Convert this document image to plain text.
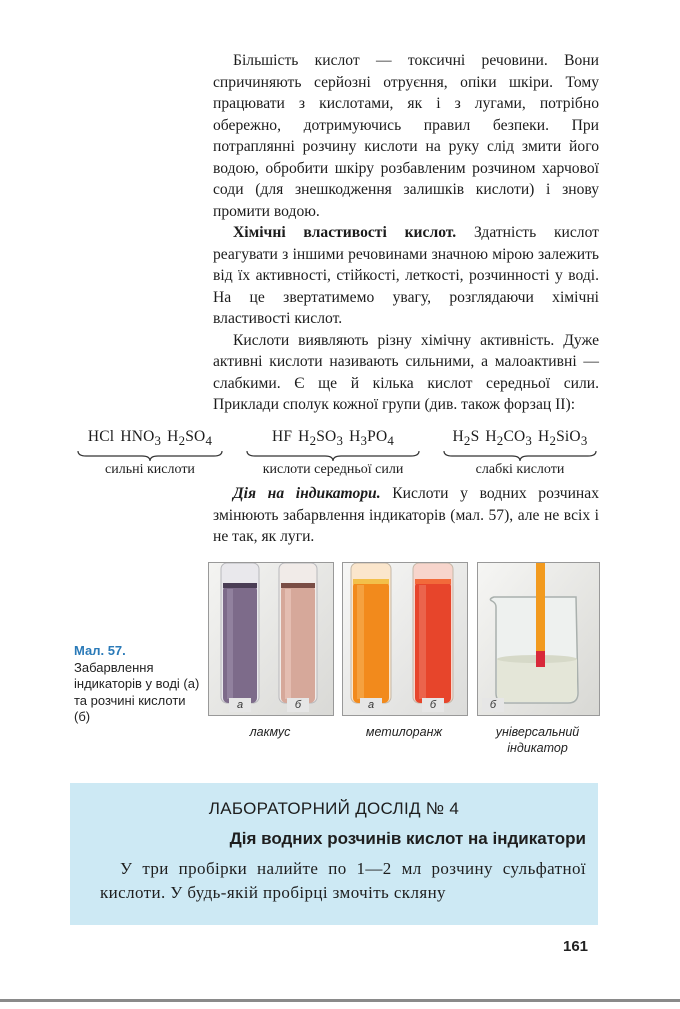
Більшість кислот — токсичні речовини. Вони спричиняють серйозні отруєння, опіки шкіри. Тому працювати з кислотами, як і з лугами, потрібно обережно, дотримуючись правил безпеки. При потраплянні розчину кислоти на руку слід змити його водою, обробити шкіру розбавленим розчином харчової соди (для знешкодження залишків кислоти) і знову промити водою.

Хімічні властивості кислот. Здатність кислот реагувати з іншими речовинами значною мірою залежить від їх активності, стійкості, леткості, розчинності у воді. На це звертатимемо увагу, розглядаючи хімічні властивості кислот.

Кислоти виявляють різну хімічну активність. Дуже активні кислоти називають сильними, а малоактивні — слабкими. Є ще й кілька кислот середньої сили. Приклади сполук кожної групи (див. також форзац II):

HCl $HNO_3$ $H_2SO_4$
сильні кислоти
HF $H_2SO_3$ $H_3PO_4$
кислоти середньої сили
$H_2S$ $H_2CO_3$ $H_2SiO_3$
слабкі кислоти

Дія на індикатори. Кислоти у водних розчинах змінюють забарвлення індикаторів (мал. 57), але не всіх і не так, як луги.

Мал. 57.
Забарвлення індикаторів у воді (а) та розчині кислоти (б)
а	б	а	б	б
лакмус	метилоранж	універсальний
індикатор
ЛАБОРАТОРНИЙ ДОСЛІД № 4
Дія водних розчинів кислот на індикатори
У три пробірки налийте по 1—2 мл розчину сульфатної кислоти. У будь-якій пробірці змочіть скляну
161
